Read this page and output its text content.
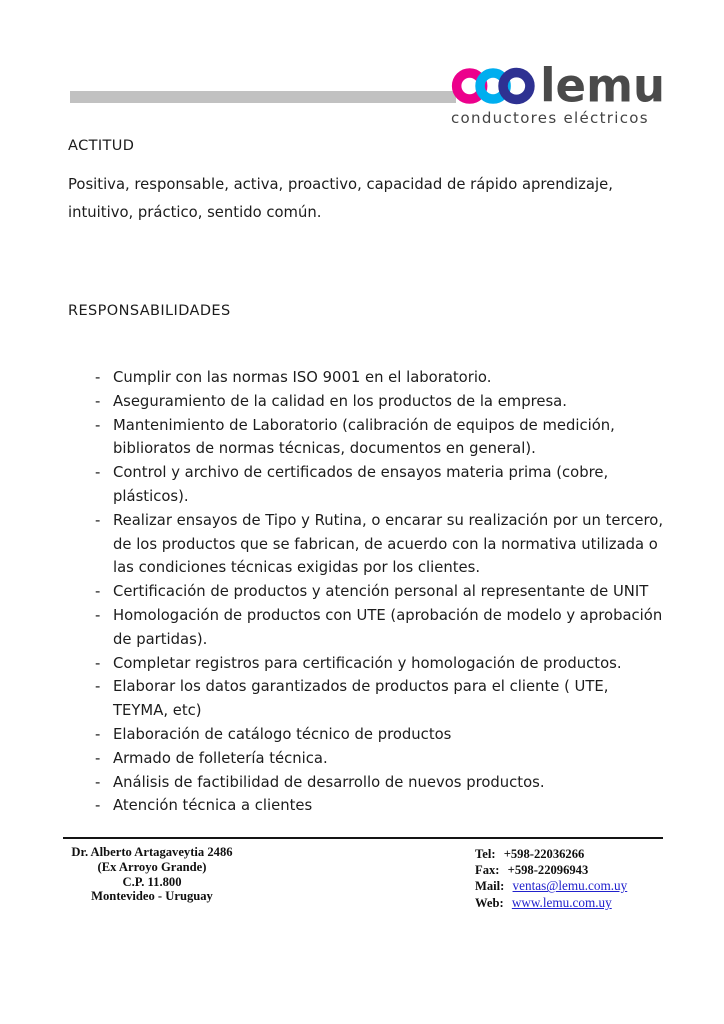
lemu
conductores eléctricos
ACTITUD
Positiva, responsable, activa, proactivo, capacidad de rápido aprendizaje, intuitivo, práctico, sentido común.
RESPONSABILIDADES
- Cumplir con las normas ISO 9001 en el laboratorio.
- Aseguramiento de la calidad en los productos de la empresa.
- Mantenimiento de Laboratorio (calibración de equipos de medición, biblioratos de normas técnicas, documentos en general).
- Control y archivo de certificados de ensayos materia prima (cobre, plásticos).
- Realizar ensayos de Tipo y Rutina, o encarar su realización por un tercero, de los productos que se fabrican, de acuerdo con la normativa utilizada o las condiciones técnicas exigidas por los clientes.
- Certificación de productos y atención personal al representante de UNIT
- Homologación de productos con UTE (aprobación de modelo y aprobación de partidas).
- Completar registros para certificación y homologación de productos.
- Elaborar los datos garantizados de productos para el cliente ( UTE, TEYMA, etc)
- Elaboración de catálogo técnico de productos
- Armado de folletería técnica.
- Análisis de factibilidad de desarrollo de nuevos productos.
- Atención técnica a clientes
Dr. Alberto Artagaveytia 2486
(Ex Arroyo Grande)
C.P. 11.800
Montevideo - Uruguay
Tel: +598-22036266
Fax: +598-22096943
Mail: ventas@lemu.com.uy
Web: www.lemu.com.uy
